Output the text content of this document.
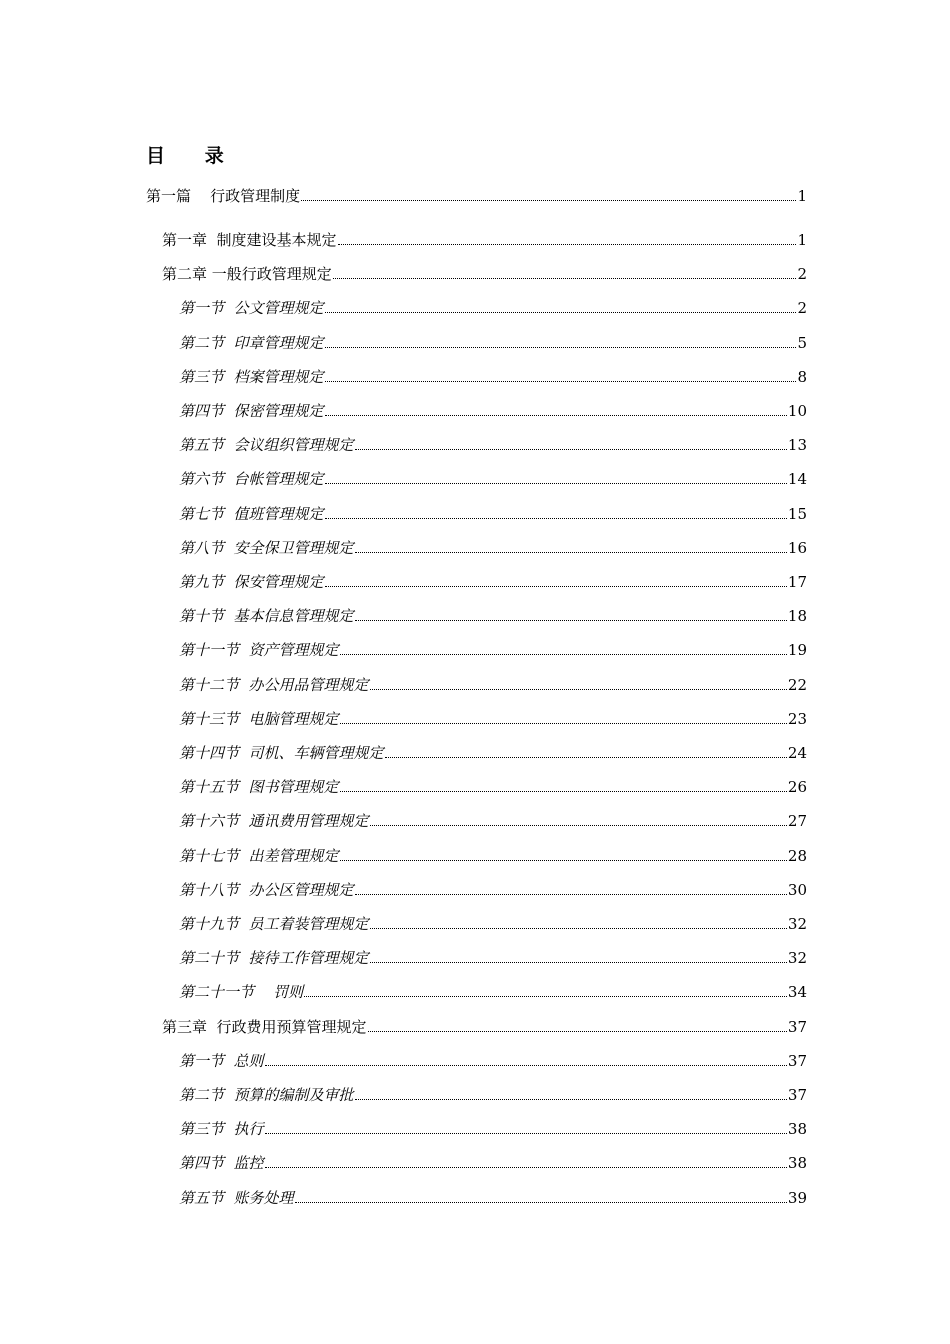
目      录
第一篇    行政管理制度	1
第一章  制度建设基本规定	1
第二章 一般行政管理规定	2
第一节  公文管理规定	2
第二节  印章管理规定	5
第三节  档案管理规定	8
第四节  保密管理规定	10
第五节  会议组织管理规定	13
第六节  台帐管理规定	14
第七节  值班管理规定	15
第八节  安全保卫管理规定	16
第九节  保安管理规定	17
第十节  基本信息管理规定	18
第十一节  资产管理规定	19
第十二节  办公用品管理规定	22
第十三节  电脑管理规定	23
第十四节  司机、车辆管理规定	24
第十五节  图书管理规定	26
第十六节  通讯费用管理规定	27
第十七节  出差管理规定	28
第十八节  办公区管理规定	30
第十九节  员工着装管理规定	32
第二十节  接待工作管理规定	32
第二十一节    罚则	34
第三章  行政费用预算管理规定	37
第一节  总则	37
第二节  预算的编制及审批	37
第三节  执行	38
第四节  监控	38
第五节  账务处理	39
